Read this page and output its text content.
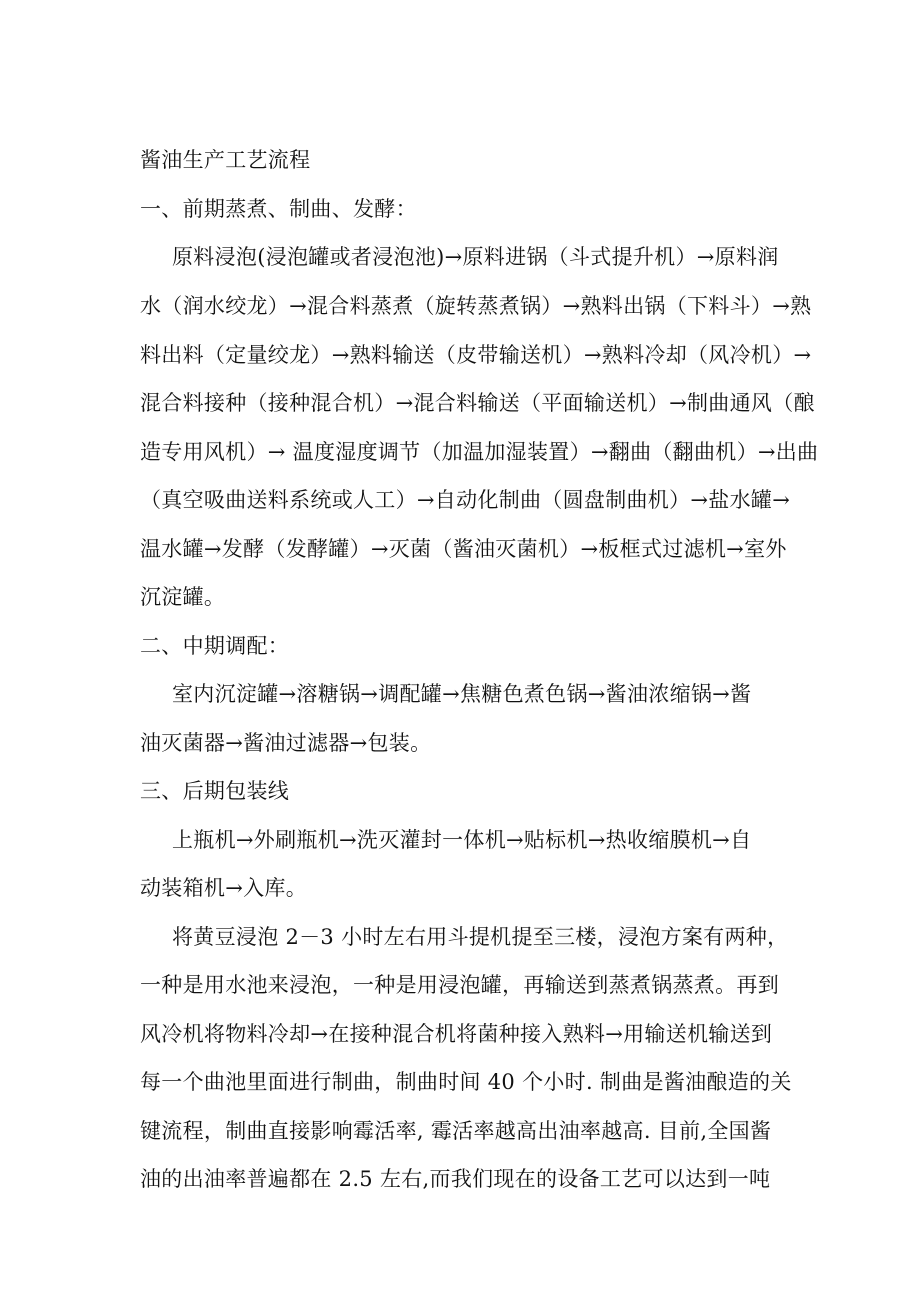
酱油生产工艺流程
一、前期蒸煮、制曲、发酵：
原料浸泡(浸泡罐或者浸泡池)→原料进锅（斗式提升机）→原料润
水（润水绞龙）→混合料蒸煮（旋转蒸煮锅）→熟料出锅（下料斗）→熟
料出料（定量绞龙）→熟料输送（皮带输送机）→熟料冷却（风冷机）→
混合料接种（接种混合机）→混合料输送（平面输送机）→制曲通风（酿
造专用风机）→ 温度湿度调节（加温加湿装置）→翻曲（翻曲机）→出曲
（真空吸曲送料系统或人工）→自动化制曲（圆盘制曲机）→盐水罐→
温水罐→发酵（发酵罐）→灭菌（酱油灭菌机）→板框式过滤机→室外
沉淀罐。
二、中期调配：
室内沉淀罐→溶糖锅→调配罐→焦糖色煮色锅→酱油浓缩锅→酱
油灭菌器→酱油过滤器→包装。
三、后期包装线
上瓶机→外刷瓶机→洗灭灌封一体机→贴标机→热收缩膜机→自
动装箱机→入库。
将黄豆浸泡 2－3 小时左右用斗提机提至三楼，浸泡方案有两种，
一种是用水池来浸泡，一种是用浸泡罐，再输送到蒸煮锅蒸煮。再到
风冷机将物料冷却→在接种混合机将菌种接入熟料→用输送机输送到
每一个曲池里面进行制曲，制曲时间 40 个小时. 制曲是酱油酿造的关
键流程，制曲直接影响霉活率, 霉活率越高出油率越高. 目前,全国酱
油的出油率普遍都在 2.5 左右,而我们现在的设备工艺可以达到一吨
